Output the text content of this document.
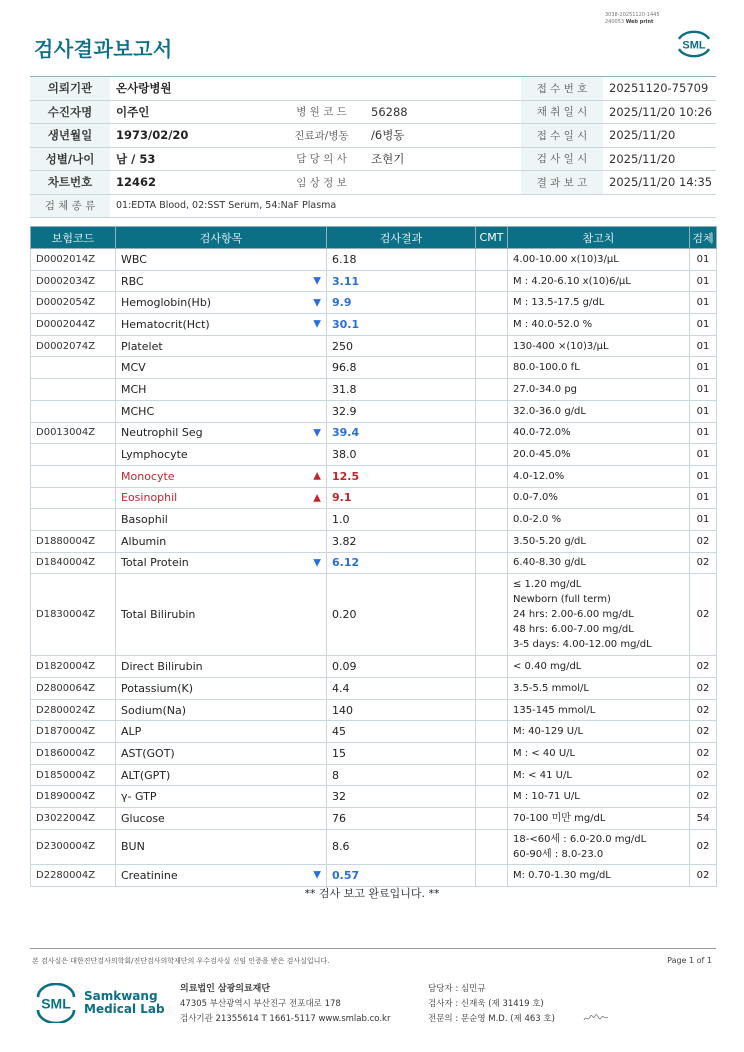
3038-20251120-1445
240053 Web print
검사결과보고서	SML
의뢰기관	온사랑병원				접 수 번 호	20251120-75709
수진자명	이주인	병 원 코 드	56288		채 취 일 시	2025/11/20 10:26
생년월일	1973/02/20	진료과/병동	/6병동		접 수 일 시	2025/11/20
성별/나이	남 / 53	담 당 의 사	조현기		검 사 일 시	2025/11/20
차트번호	12462	임 상 정 보			결 과 보 고	2025/11/20 14:35
검 체 종 류	01:EDTA Blood, 02:SST Serum, 54:NaF Plasma					
보험코드	검사항목	검사결과	CMT	참고치	검체
D0002014Z	WBC	6.18		4.00-10.00 x(10)3/μL	01
D0002034Z	RBC ▼	3.11		M : 4.20-6.10 x(10)6/μL	01
D0002054Z	Hemoglobin(Hb) ▼	9.9		M : 13.5-17.5 g/dL	01
D0002044Z	Hematocrit(Hct) ▼	30.1		M : 40.0-52.0 %	01
D0002074Z	Platelet	250		130-400 ×(10)3/μL	01
	MCV	96.8		80.0-100.0 fL	01
	MCH	31.8		27.0-34.0 pg	01
	MCHC	32.9		32.0-36.0 g/dL	01
D0013004Z	Neutrophil Seg ▼	39.4		40.0-72.0%	01
	Lymphocyte	38.0		20.0-45.0%	01
	Monocyte ▲	12.5		4.0-12.0%	01
	Eosinophil ▲	9.1		0.0-7.0%	01
	Basophil	1.0		0.0-2.0 %	01
D1880004Z	Albumin	3.82		3.50-5.20 g/dL	02
D1840004Z	Total Protein ▼	6.12		6.40-8.30 g/dL	02
D1830004Z	Total Bilirubin	0.20		≤ 1.20 mg/dL
Newborn (full term)
24 hrs: 2.00-6.00 mg/dL
48 hrs: 6.00-7.00 mg/dL
3-5 days: 4.00-12.00 mg/dL	02
D1820004Z	Direct Bilirubin	0.09		< 0.40 mg/dL	02
D2800064Z	Potassium(K)	4.4		3.5-5.5 mmol/L	02
D2800024Z	Sodium(Na)	140		135-145 mmol/L	02
D1870004Z	ALP	45		M: 40-129 U/L	02
D1860004Z	AST(GOT)	15		M : < 40 U/L	02
D1850004Z	ALT(GPT)	8		M: < 41 U/L	02
D1890004Z	γ- GTP	32		M : 10-71 U/L	02
D3022004Z	Glucose	76		70-100 미만 mg/dL	54
D2300004Z	BUN	8.6		18-<60세 : 6.0-20.0 mg/dL
60-90세 : 8.0-23.0	02
D2280004Z	Creatinine ▼	0.57		M: 0.70-1.30 mg/dL	02
** 검사 보고 완료입니다. **
본 검사실은 대한진단검사의학회/진단검사의학재단의 우수검사실 신임 인증을 받은 검사실입니다.	Page 1 of 1
SML Samkwang
Medical Lab
의료법인 삼광의료재단
47305 부산광역시 부산진구 전포대로 178
검사기관 21355614 T 1661-5117 www.smlab.co.kr
담당자 : 심민규
검사자 : 신재욱 (제 31419 호)
전문의 : 문순영 M.D. (제 463 호)
